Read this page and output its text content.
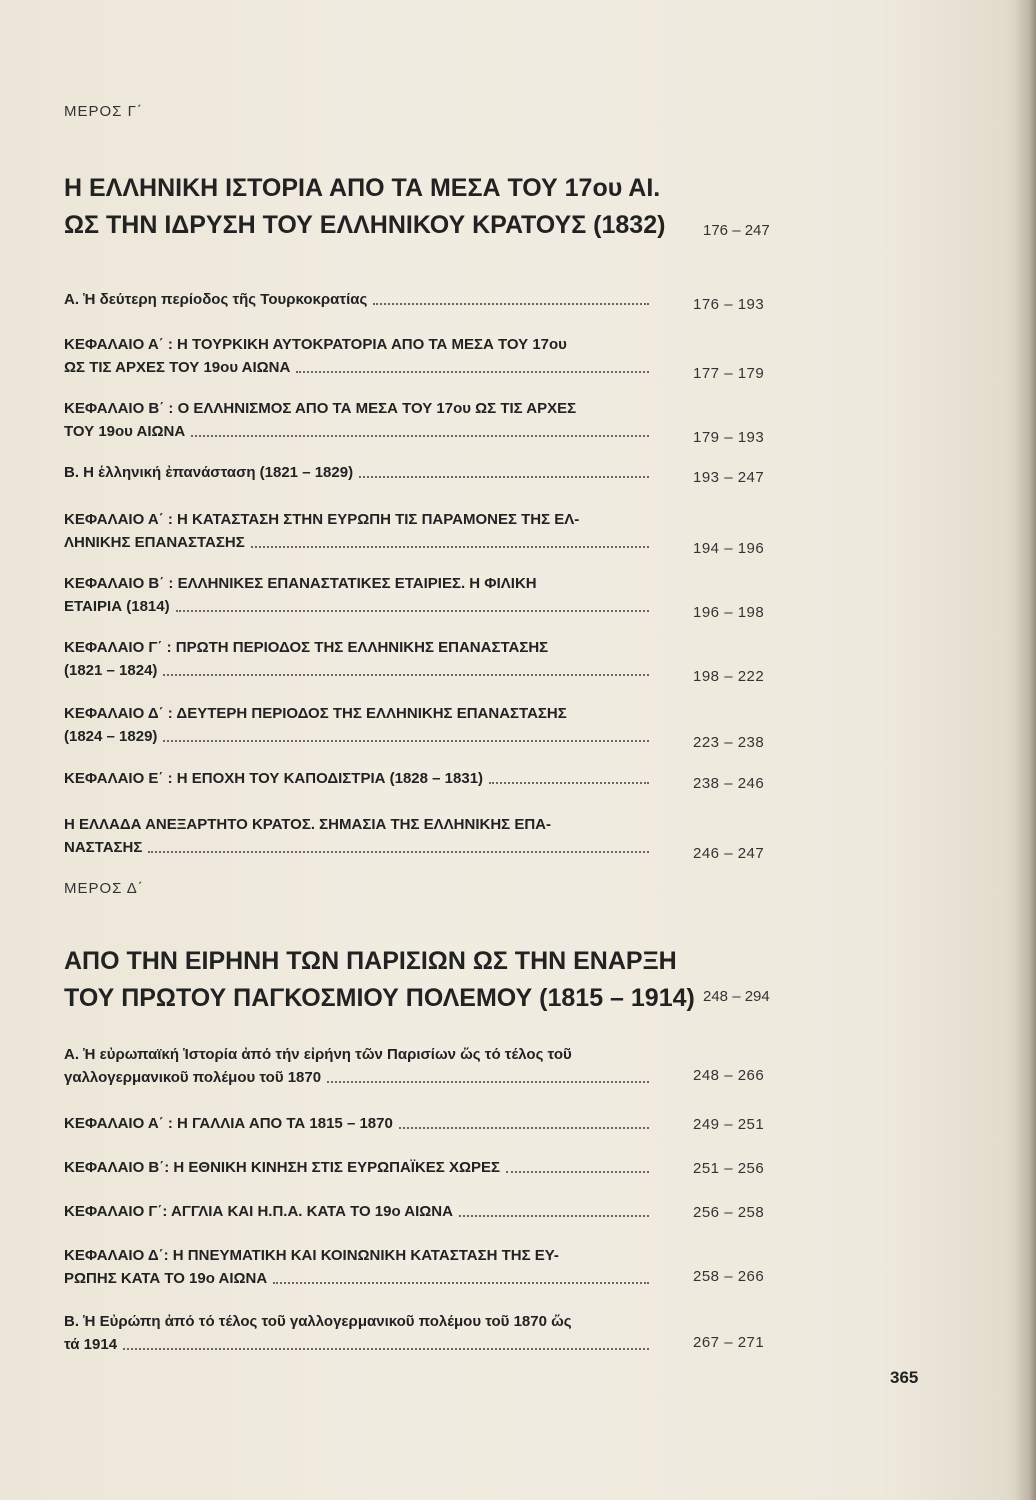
ΜΕΡΟΣ Γ΄
Η ΕΛΛΗΝΙΚΗ ΙΣΤΟΡΙΑ ΑΠΟ ΤΑ ΜΕΣΑ ΤΟΥ 17ου ΑΙ.
ΩΣ ΤΗΝ ΙΔΡΥΣΗ ΤΟΥ ΕΛΛΗΝΙΚΟΥ ΚΡΑΤΟΥΣ (1832)	176 – 247
Α. Ἡ δεύτερη περίοδος τῆς Τουρκοκρατίας	176 – 193
ΚΕΦΑΛΑΙΟ Α΄ : Η ΤΟΥΡΚΙΚΗ ΑΥΤΟΚΡΑΤΟΡΙΑ ΑΠΟ ΤΑ ΜΕΣΑ ΤΟΥ 17ου
ΩΣ ΤΙΣ ΑΡΧΕΣ ΤΟΥ 19ου ΑΙΩΝΑ	177 – 179
ΚΕΦΑΛΑΙΟ Β΄ : Ο ΕΛΛΗΝΙΣΜΟΣ ΑΠΟ ΤΑ ΜΕΣΑ ΤΟΥ 17ου ΩΣ ΤΙΣ ΑΡΧΕΣ
ΤΟΥ 19ου ΑΙΩΝΑ	179 – 193
Β. Η ἑλληνική ἐπανάσταση (1821 – 1829)	193 – 247
ΚΕΦΑΛΑΙΟ Α΄ : Η ΚΑΤΑΣΤΑΣΗ ΣΤΗΝ ΕΥΡΩΠΗ ΤΙΣ ΠΑΡΑΜΟΝΕΣ ΤΗΣ ΕΛ-
ΛΗΝΙΚΗΣ ΕΠΑΝΑΣΤΑΣΗΣ	194 – 196
ΚΕΦΑΛΑΙΟ Β΄ : ΕΛΛΗΝΙΚΕΣ ΕΠΑΝΑΣΤΑΤΙΚΕΣ ΕΤΑΙΡΙΕΣ. Η ΦΙΛΙΚΗ
ΕΤΑΙΡΙΑ (1814)	196 – 198
ΚΕΦΑΛΑΙΟ Γ΄ : ΠΡΩΤΗ ΠΕΡΙΟΔΟΣ ΤΗΣ ΕΛΛΗΝΙΚΗΣ ΕΠΑΝΑΣΤΑΣΗΣ
(1821 – 1824)	198 – 222
ΚΕΦΑΛΑΙΟ Δ΄ : ΔΕΥΤΕΡΗ ΠΕΡΙΟΔΟΣ ΤΗΣ ΕΛΛΗΝΙΚΗΣ ΕΠΑΝΑΣΤΑΣΗΣ
(1824 – 1829)	223 – 238
ΚΕΦΑΛΑΙΟ Ε΄ : Η ΕΠΟΧΗ ΤΟΥ ΚΑΠΟΔΙΣΤΡΙΑ (1828 – 1831)	238 – 246
Η ΕΛΛΑΔΑ ΑΝΕΞΑΡΤΗΤΟ ΚΡΑΤΟΣ. ΣΗΜΑΣΙΑ ΤΗΣ ΕΛΛΗΝΙΚΗΣ ΕΠΑ-
ΝΑΣΤΑΣΗΣ	246 – 247
ΜΕΡΟΣ Δ΄
ΑΠΟ ΤΗΝ ΕΙΡΗΝΗ ΤΩΝ ΠΑΡΙΣΙΩΝ ΩΣ ΤΗΝ ΕΝΑΡΞΗ
ΤΟΥ ΠΡΩΤΟΥ ΠΑΓΚΟΣΜΙΟΥ ΠΟΛΕΜΟΥ (1815 – 1914) 248 – 294
Α. Ἡ εὐρωπαϊκή Ἱστορία ἀπό τήν εἰρήνη τῶν Παρισίων ὥς τό τέλος τοῦ
γαλλογερμανικοῦ πολέμου τοῦ 1870	248 – 266
ΚΕΦΑΛΑΙΟ Α΄ : Η ΓΑΛΛΙΑ ΑΠΟ ΤΑ 1815 – 1870	249 – 251
ΚΕΦΑΛΑΙΟ Β΄: Η ΕΘΝΙΚΗ ΚΙΝΗΣΗ ΣΤΙΣ ΕΥΡΩΠΑΪΚΕΣ ΧΩΡΕΣ	251 – 256
ΚΕΦΑΛΑΙΟ Γ΄: ΑΓΓΛΙΑ ΚΑΙ Η.Π.Α. ΚΑΤΑ ΤΟ 19ο ΑΙΩΝΑ	256 – 258
ΚΕΦΑΛΑΙΟ Δ΄: Η ΠΝΕΥΜΑΤΙΚΗ ΚΑΙ ΚΟΙΝΩΝΙΚΗ ΚΑΤΑΣΤΑΣΗ ΤΗΣ ΕΥ-
ΡΩΠΗΣ ΚΑΤΑ ΤΟ 19ο ΑΙΩΝΑ	258 – 266
Β. Ἡ Εὐρώπη ἀπό τό τέλος τοῦ γαλλογερμανικοῦ πολέμου τοῦ 1870 ὥς
τά 1914	267 – 271
365
